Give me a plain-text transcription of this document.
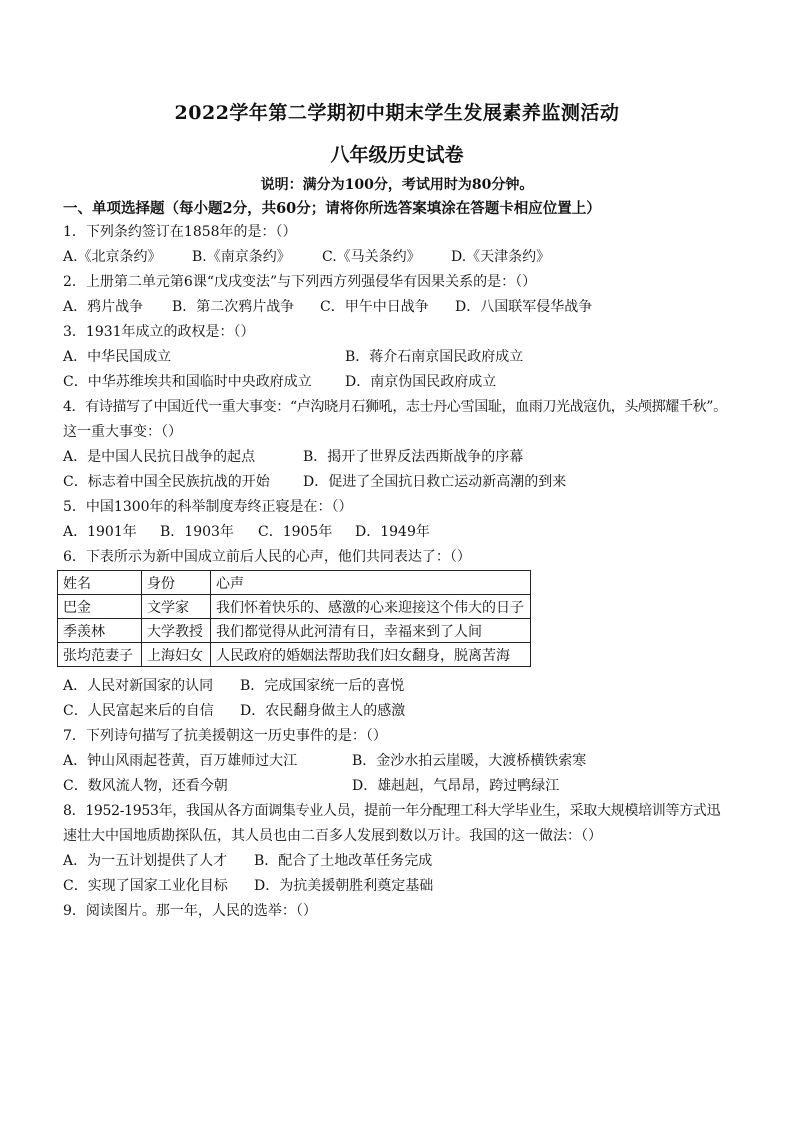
2022学年第二学期初中期末学生发展素养监测活动
八年级历史试卷
说明：满分为100分，考试用时为80分钟。
一、单项选择题（每小题2分，共60分；请将你所选答案填涂在答题卡相应位置上）
1．下列条约签订在1858年的是：（）
A.《北京条约》 B.《南京条约》 C.《马关条约》 D.《天津条约》
2．上册第二单元第6课“戊戌变法”与下列西方列强侵华有因果关系的是：（）
A．鸦片战争 B．第二次鸦片战争 C．甲午中日战争 D．八国联军侵华战争
3．1931年成立的政权是：（）
A．中华民国成立	B．蒋介石南京国民政府成立
C．中华苏维埃共和国临时中央政府成立 D．南京伪国民政府成立
4．有诗描写了中国近代一重大事变：“卢沟晓月石狮吼，志士丹心雪国耻，血雨刀光战寇仇，头颅掷耀千秋”。
这一重大事变：（）
A．是中国人民抗日战争的起点	B．揭开了世界反法西斯战争的序幕
C．标志着中国全民族抗战的开始 D．促进了全国抗日救亡运动新高潮的到来
5．中国1300年的科举制度寿终正寝是在：（）
A．1901年 B．1903年 C．1905年 D．1949年
6．下表所示为新中国成立前后人民的心声，他们共同表达了：（）
姓名	身份	心声
巴金	文学家	我们怀着快乐的、感激的心来迎接这个伟大的日子
季羡林	大学教授	我们都觉得从此河清有日，幸福来到了人间
张均范妻子	上海妇女	人民政府的婚姻法帮助我们妇女翻身，脱离苦海
A．人民对新国家的认同 B．完成国家统一后的喜悦
C．人民富起来后的自信 D．农民翻身做主人的感激
7．下列诗句描写了抗美援朝这一历史事件的是：（）
A．钟山风雨起苍黄，百万雄师过大江	B．金沙水拍云崖暖，大渡桥横铁索寒
C．数风流人物，还看今朝	D．雄赳赳，气昂昂，跨过鸭绿江
8．1952-1953年，我国从各方面调集专业人员，提前一年分配理工科大学毕业生，采取大规模培训等方式迅
速壮大中国地质勘探队伍，其人员也由二百多人发展到数以万计。我国的这一做法：（）
A．为一五计划提供了人才 B．配合了土地改革任务完成
C．实现了国家工业化目标 D．为抗美援朝胜利奠定基础
9．阅读图片。那一年，人民的选举：（）
